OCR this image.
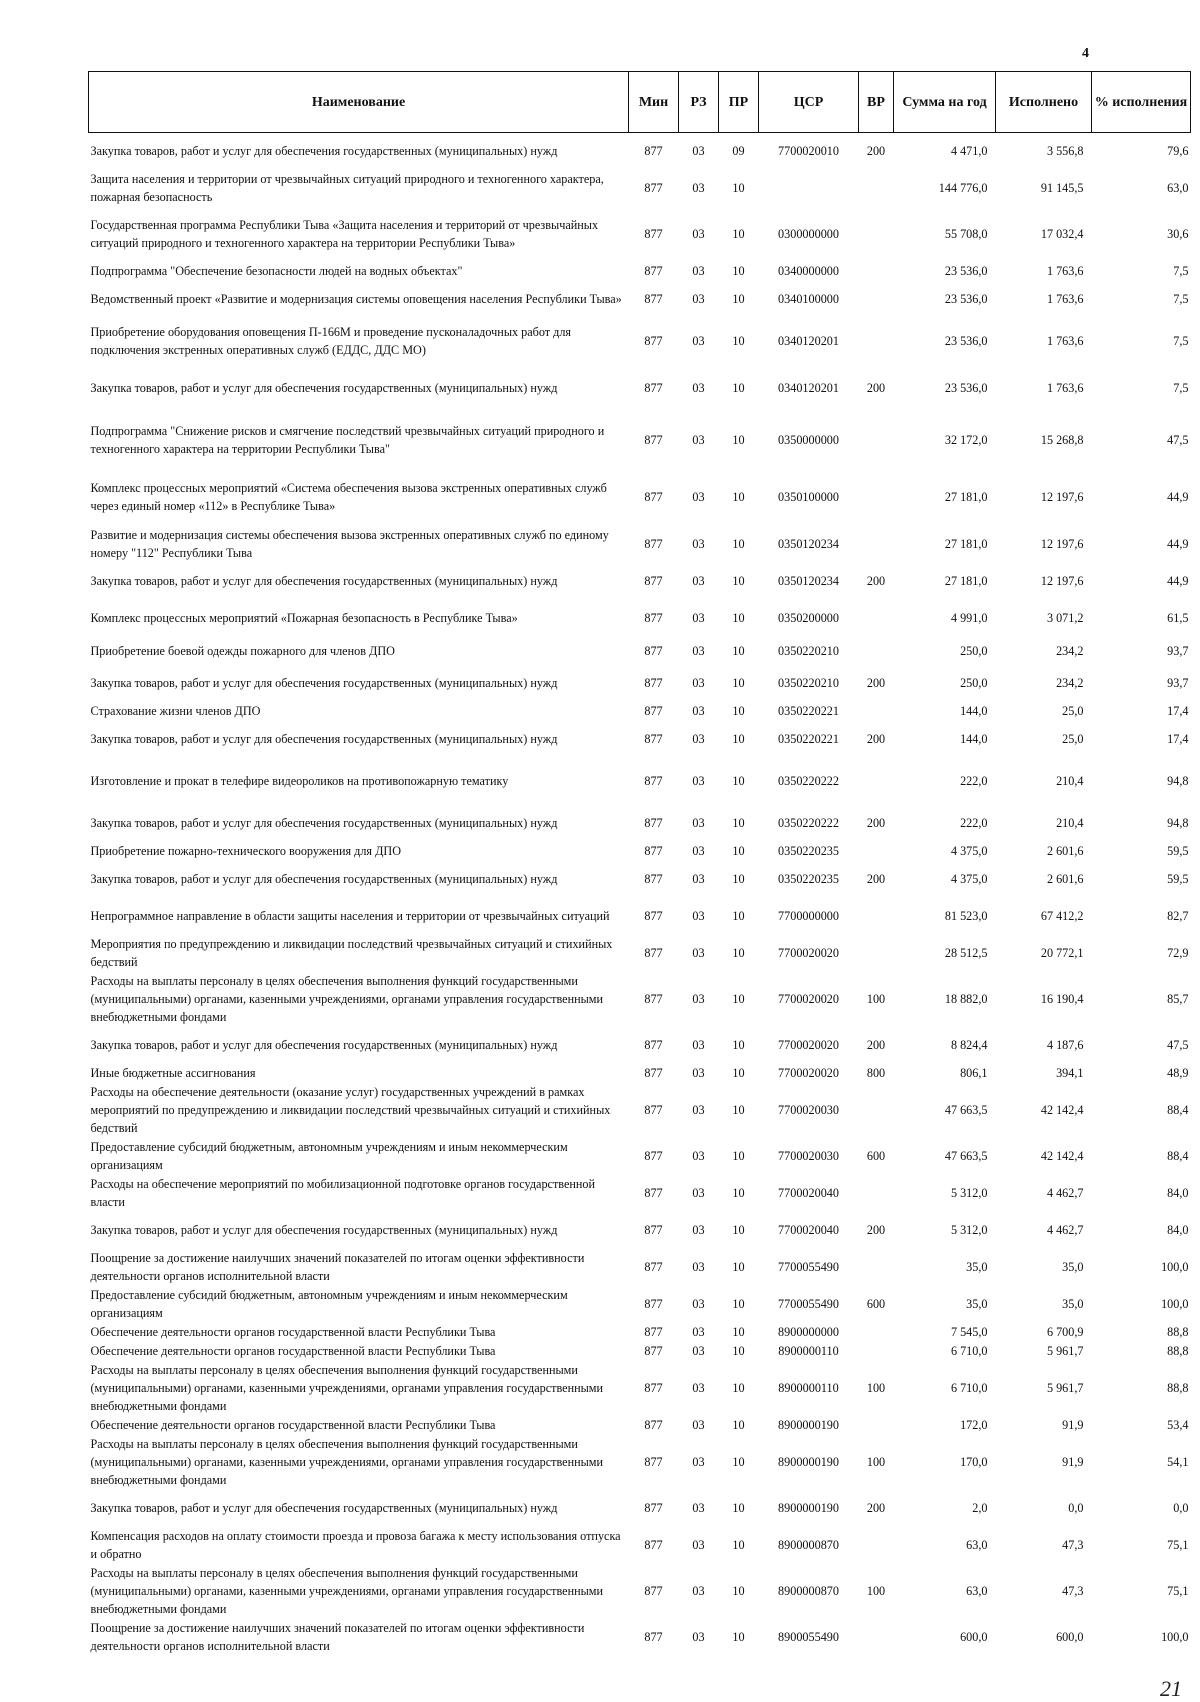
4
Наименование	Мин	РЗ	ПР	ЦСР	ВР	Сумма на год	Исполнено	% исполнения
Закупка товаров, работ и услуг для обеспечения государственных (муниципальных) нужд	877	03	09	7700020010	200	4 471,0	3 556,8	79,6
Защита населения и территории от чрезвычайных ситуаций природного и техногенного характера, пожарная безопасность	877	03	10			144 776,0	91 145,5	63,0
Государственная программа Республики Тыва «Защита населения и территорий от чрезвычайных ситуаций природного и техногенного характера на территории Республики Тыва»	877	03	10	0300000000		55 708,0	17 032,4	30,6
Подпрограмма "Обеспечение безопасности людей на водных объектах"	877	03	10	0340000000		23 536,0	1 763,6	7,5
Ведомственный проект «Развитие и модернизация системы оповещения населения Республики Тыва»	877	03	10	0340100000		23 536,0	1 763,6	7,5
Приобретение оборудования оповещения П-166М и проведение пусконаладочных работ для подключения экстренных оперативных служб (ЕДДС, ДДС МО)	877	03	10	0340120201		23 536,0	1 763,6	7,5
Закупка товаров, работ и услуг для обеспечения государственных (муниципальных) нужд	877	03	10	0340120201	200	23 536,0	1 763,6	7,5
Подпрограмма "Снижение рисков и смягчение последствий чрезвычайных ситуаций природного и техногенного характера на территории Республики Тыва"	877	03	10	0350000000		32 172,0	15 268,8	47,5
Комплекс процессных мероприятий «Система обеспечения вызова экстренных оперативных служб через единый номер «112» в Республике Тыва»	877	03	10	0350100000		27 181,0	12 197,6	44,9
Развитие и модернизация системы обеспечения вызова экстренных оперативных служб по единому номеру "112" Республики Тыва	877	03	10	0350120234		27 181,0	12 197,6	44,9
Закупка товаров, работ и услуг для обеспечения государственных (муниципальных) нужд	877	03	10	0350120234	200	27 181,0	12 197,6	44,9
Комплекс процессных мероприятий «Пожарная безопасность в Республике Тыва»	877	03	10	0350200000		4 991,0	3 071,2	61,5
Приобретение боевой одежды пожарного для членов ДПО	877	03	10	0350220210		250,0	234,2	93,7
Закупка товаров, работ и услуг для обеспечения государственных (муниципальных) нужд	877	03	10	0350220210	200	250,0	234,2	93,7
Страхование жизни членов ДПО	877	03	10	0350220221		144,0	25,0	17,4
Закупка товаров, работ и услуг для обеспечения государственных (муниципальных) нужд	877	03	10	0350220221	200	144,0	25,0	17,4
Изготовление и прокат в телефире видеороликов на противопожарную тематику	877	03	10	0350220222		222,0	210,4	94,8
Закупка товаров, работ и услуг для обеспечения государственных (муниципальных) нужд	877	03	10	0350220222	200	222,0	210,4	94,8
Приобретение пожарно-технического вооружения для ДПО	877	03	10	0350220235		4 375,0	2 601,6	59,5
Закупка товаров, работ и услуг для обеспечения государственных (муниципальных) нужд	877	03	10	0350220235	200	4 375,0	2 601,6	59,5
Непрограммное направление в области защиты населения и территории от чрезвычайных ситуаций	877	03	10	7700000000		81 523,0	67 412,2	82,7
Мероприятия по предупреждению и ликвидации последствий чрезвычайных ситуаций и стихийных бедствий	877	03	10	7700020020		28 512,5	20 772,1	72,9
Расходы на выплаты персоналу в целях обеспечения выполнения функций государственными (муниципальными) органами, казенными учреждениями, органами управления государственными внебюджетными фондами	877	03	10	7700020020	100	18 882,0	16 190,4	85,7
Закупка товаров, работ и услуг для обеспечения государственных (муниципальных) нужд	877	03	10	7700020020	200	8 824,4	4 187,6	47,5
Иные бюджетные ассигнования	877	03	10	7700020020	800	806,1	394,1	48,9
Расходы на обеспечение деятельности (оказание услуг) государственных учреждений в рамках мероприятий по предупреждению и ликвидации последствий чрезвычайных ситуаций и стихийных бедствий	877	03	10	7700020030		47 663,5	42 142,4	88,4
Предоставление субсидий бюджетным, автономным учреждениям и иным некоммерческим организациям	877	03	10	7700020030	600	47 663,5	42 142,4	88,4
Расходы на обеспечение мероприятий по мобилизационной подготовке органов государственной власти	877	03	10	7700020040		5 312,0	4 462,7	84,0
Закупка товаров, работ и услуг для обеспечения государственных (муниципальных) нужд	877	03	10	7700020040	200	5 312,0	4 462,7	84,0
Поощрение за достижение наилучших значений показателей по итогам оценки эффективности деятельности органов исполнительной власти	877	03	10	7700055490		35,0	35,0	100,0
Предоставление субсидий бюджетным, автономным учреждениям и иным некоммерческим организациям	877	03	10	7700055490	600	35,0	35,0	100,0
Обеспечение деятельности органов государственной власти Республики Тыва	877	03	10	8900000000		7 545,0	6 700,9	88,8
Обеспечение деятельности органов государственной власти Республики Тыва	877	03	10	8900000110		6 710,0	5 961,7	88,8
Расходы на выплаты персоналу в целях обеспечения выполнения функций государственными (муниципальными) органами, казенными учреждениями, органами управления государственными внебюджетными фондами	877	03	10	8900000110	100	6 710,0	5 961,7	88,8
Обеспечение деятельности органов государственной власти Республики Тыва	877	03	10	8900000190		172,0	91,9	53,4
Расходы на выплаты персоналу в целях обеспечения выполнения функций государственными (муниципальными) органами, казенными учреждениями, органами управления государственными внебюджетными фондами	877	03	10	8900000190	100	170,0	91,9	54,1
Закупка товаров, работ и услуг для обеспечения государственных (муниципальных) нужд	877	03	10	8900000190	200	2,0	0,0	0,0
Компенсация расходов на оплату стоимости проезда и провоза багажа к месту использования отпуска и обратно	877	03	10	8900000870		63,0	47,3	75,1
Расходы на выплаты персоналу в целях обеспечения выполнения функций государственными (муниципальными) органами, казенными учреждениями, органами управления государственными внебюджетными фондами	877	03	10	8900000870	100	63,0	47,3	75,1
Поощрение за достижение наилучших значений показателей по итогам оценки эффективности деятельности органов исполнительной власти	877	03	10	8900055490		600,0	600,0	100,0
21
